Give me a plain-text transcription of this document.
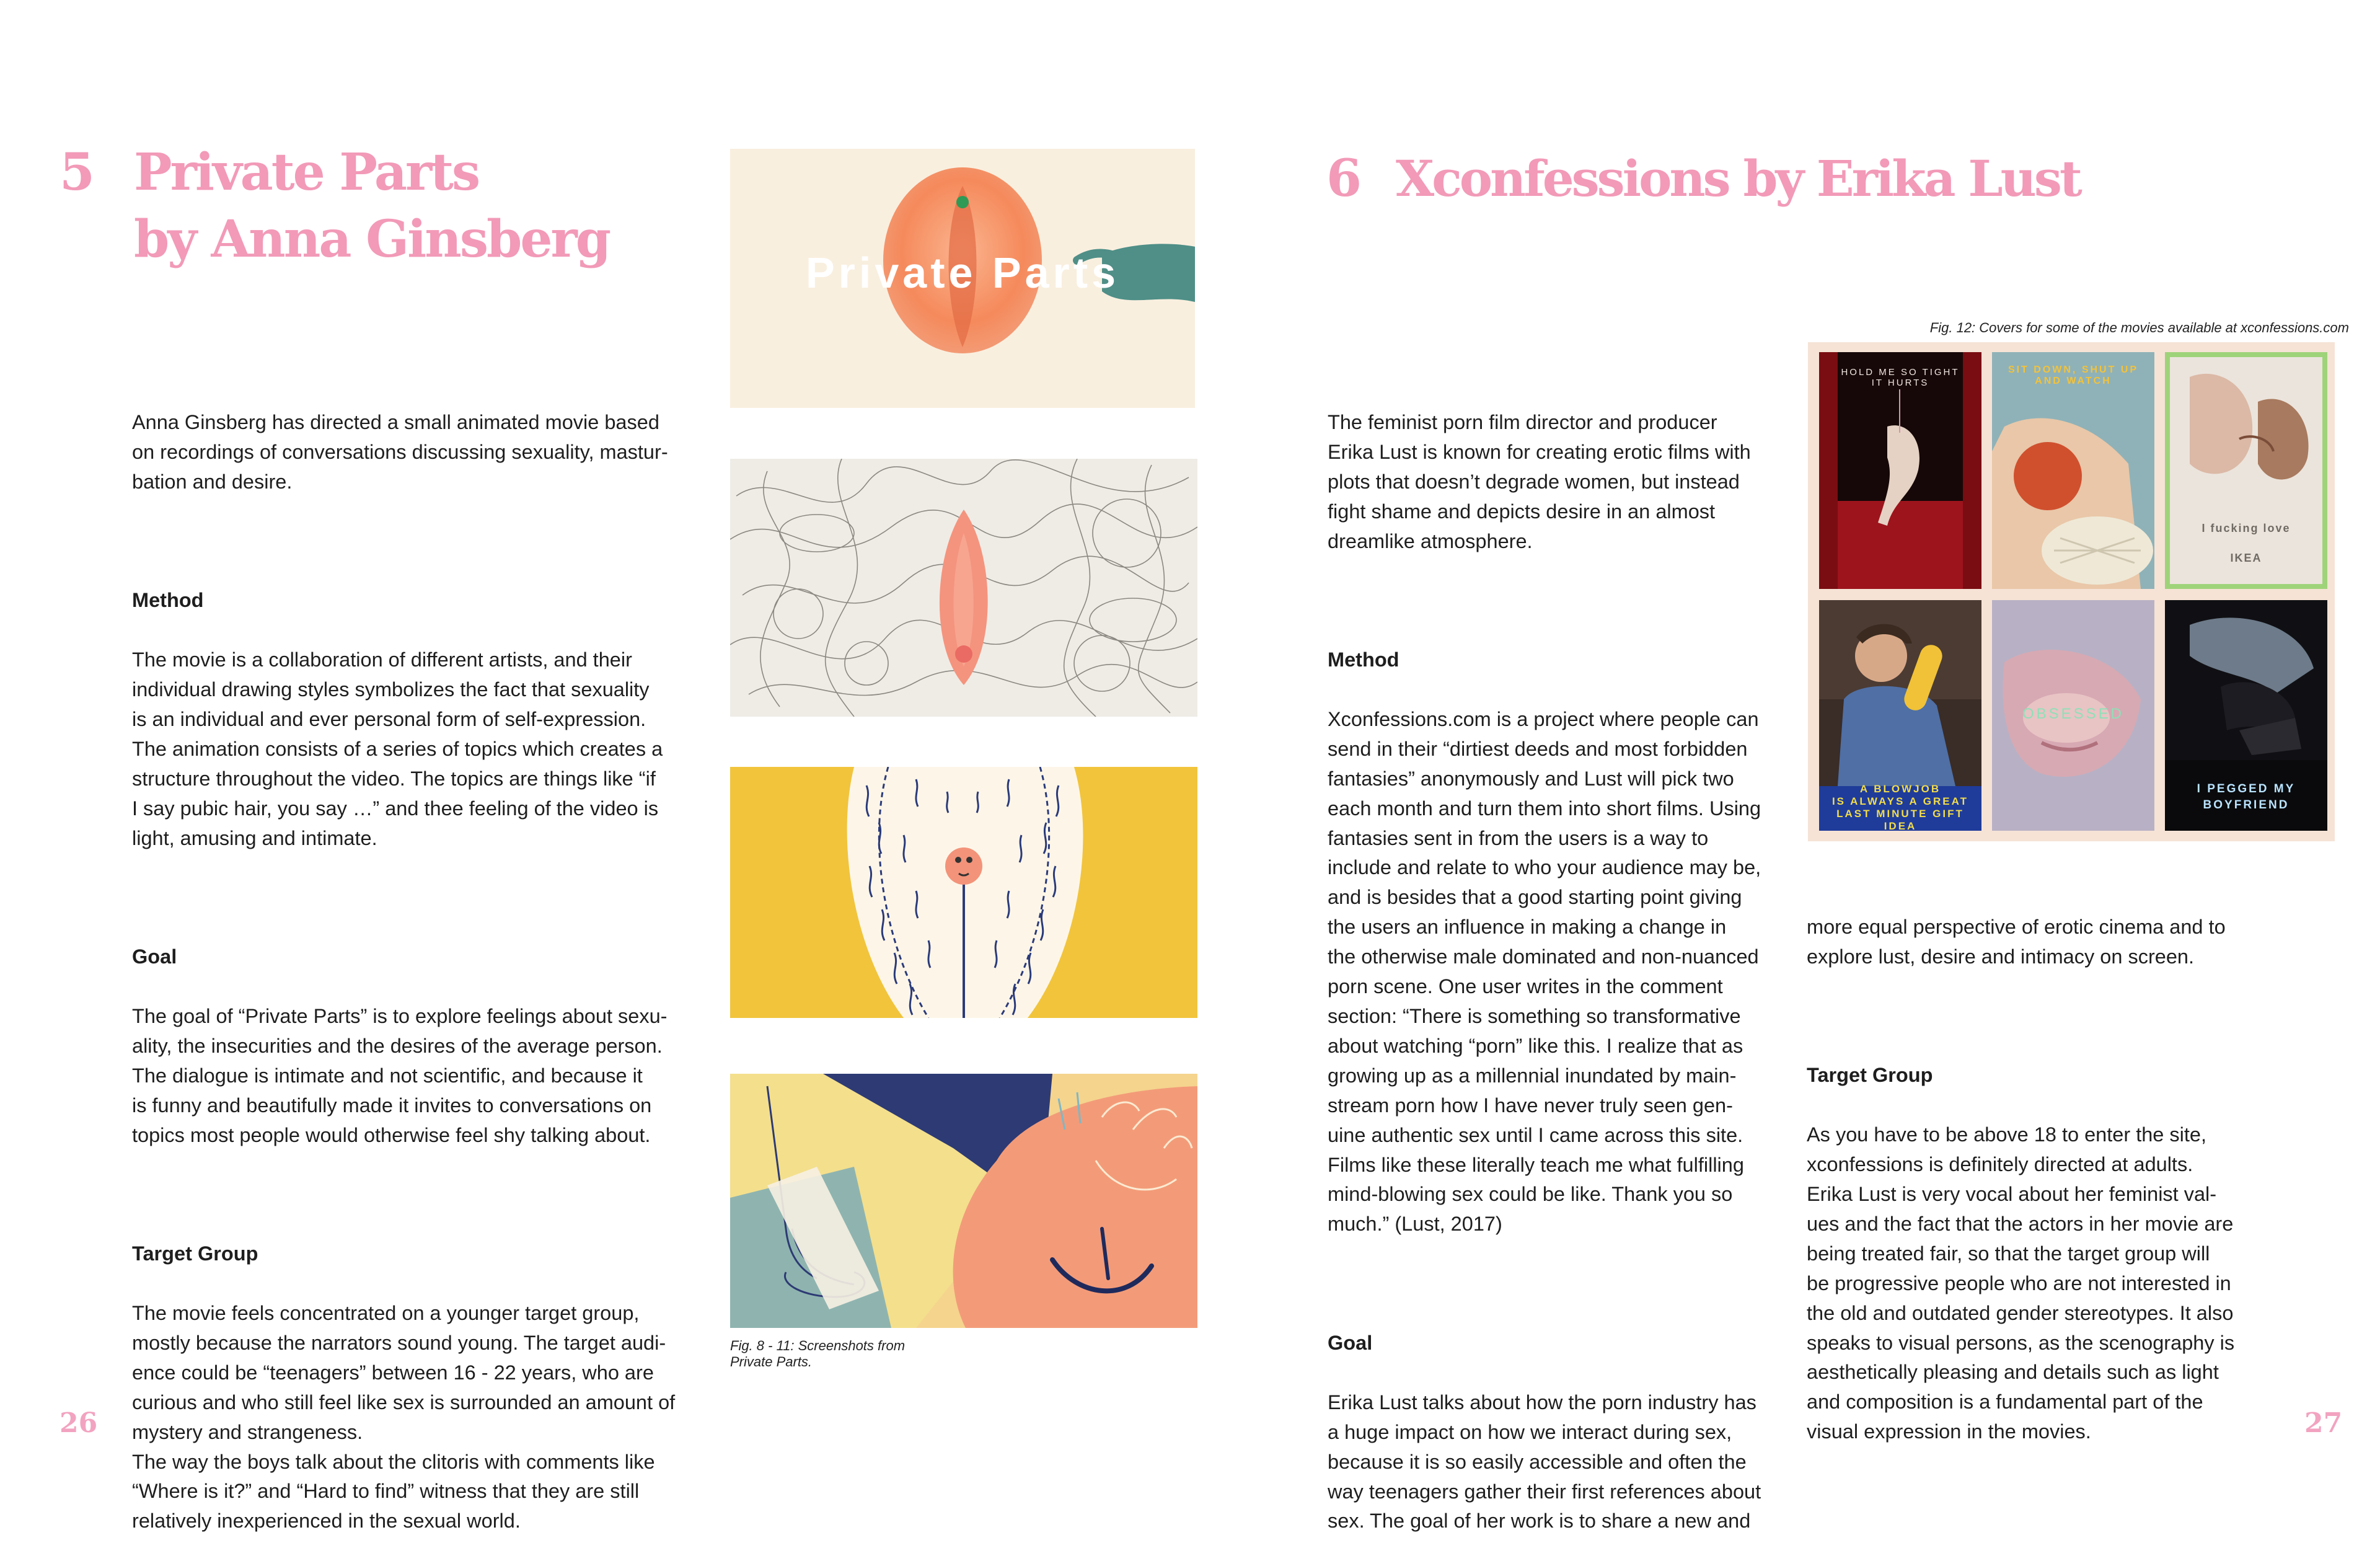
5 Private Parts
by Anna Ginsberg

Anna Ginsberg has directed a small animated movie based
on recordings of conversations discussing sexuality, mastur-
bation and desire.

Method

The movie is a collaboration of different artists, and their
individual drawing styles symbolizes the fact that sexuality
is an individual and ever personal form of self-expression.
The animation consists of a series of topics which creates a
structure throughout the video. The topics are things like “if
I say pubic hair, you say …” and thee feeling of the video is
light, amusing and intimate.

Goal

The goal of “Private Parts” is to explore feelings about sexu-
ality, the insecurities and the desires of the average person.
The dialogue is intimate and not scientific, and because it
is funny and beautifully made it invites to conversations on
topics most people would otherwise feel shy talking about.

Target Group

The movie feels concentrated on a younger target group,
mostly because the narrators sound young. The target audi-
ence could be “teenagers” between 16 - 22 years, who are
curious and who still feel like sex is surrounded an amount of
mystery and strangeness.
The way the boys talk about the clitoris with comments like
“Where is it?” and “Hard to find” witness that they are still
relatively inexperienced in the sexual world.

Private Parts
Fig. 8 - 11: Screenshots from
Private Parts.
26
6 Xconfessions by Erika Lust
Fig. 12: Covers for some of the movies available at xconfessions.com

The feminist porn film director and producer
Erika Lust is known for creating erotic films with
plots that doesn’t degrade women, but instead
fight shame and depicts desire in an almost
dreamlike atmosphere.

Method

Xconfessions.com is a project where people can
send in their “dirtiest deeds and most forbidden
fantasies” anonymously and Lust will pick two
each month and turn them into short films. Using
fantasies sent in from the users is a way to
include and relate to who your audience may be,
and is besides that a good starting point giving
the users an influence in making a change in
the otherwise male dominated and non-nuanced
porn scene. One user writes in the comment
section: “There is something so transformative
about watching “porn” like this. I realize that as
growing up as a millennial inundated by main-
stream porn how I have never truly seen gen-
uine authentic sex until I came across this site.
Films like these literally teach me what fulfilling
mind-blowing sex could be like. Thank you so
much.” (Lust, 2017)

Goal

Erika Lust talks about how the porn industry has
a huge impact on how we interact during sex,
because it is so easily accessible and often the
way teenagers gather their first references about
sex. The goal of her work is to share a new and

more equal perspective of erotic cinema and to
explore lust, desire and intimacy on screen.

Target Group

As you have to be above 18 to enter the site,
xconfessions is definitely directed at adults.
Erika Lust is very vocal about her feminist val-
ues and the fact that the actors in her movie are
being treated fair, so that the target group will
be progressive people who are not interested in
the old and outdated gender stereotypes. It also
speaks to visual persons, as the scenography is
aesthetically pleasing and details such as light
and composition is a fundamental part of the
visual expression in the movies.

HOLD ME SO TIGHT
IT HURTS
SIT DOWN, SHUT UP
AND WATCH
I fucking love
IKEA
A BLOWJOB
IS ALWAYS A GREAT
LAST MINUTE GIFT IDEA
OBSESSED
I PEGGED MY
BOYFRIEND
27
